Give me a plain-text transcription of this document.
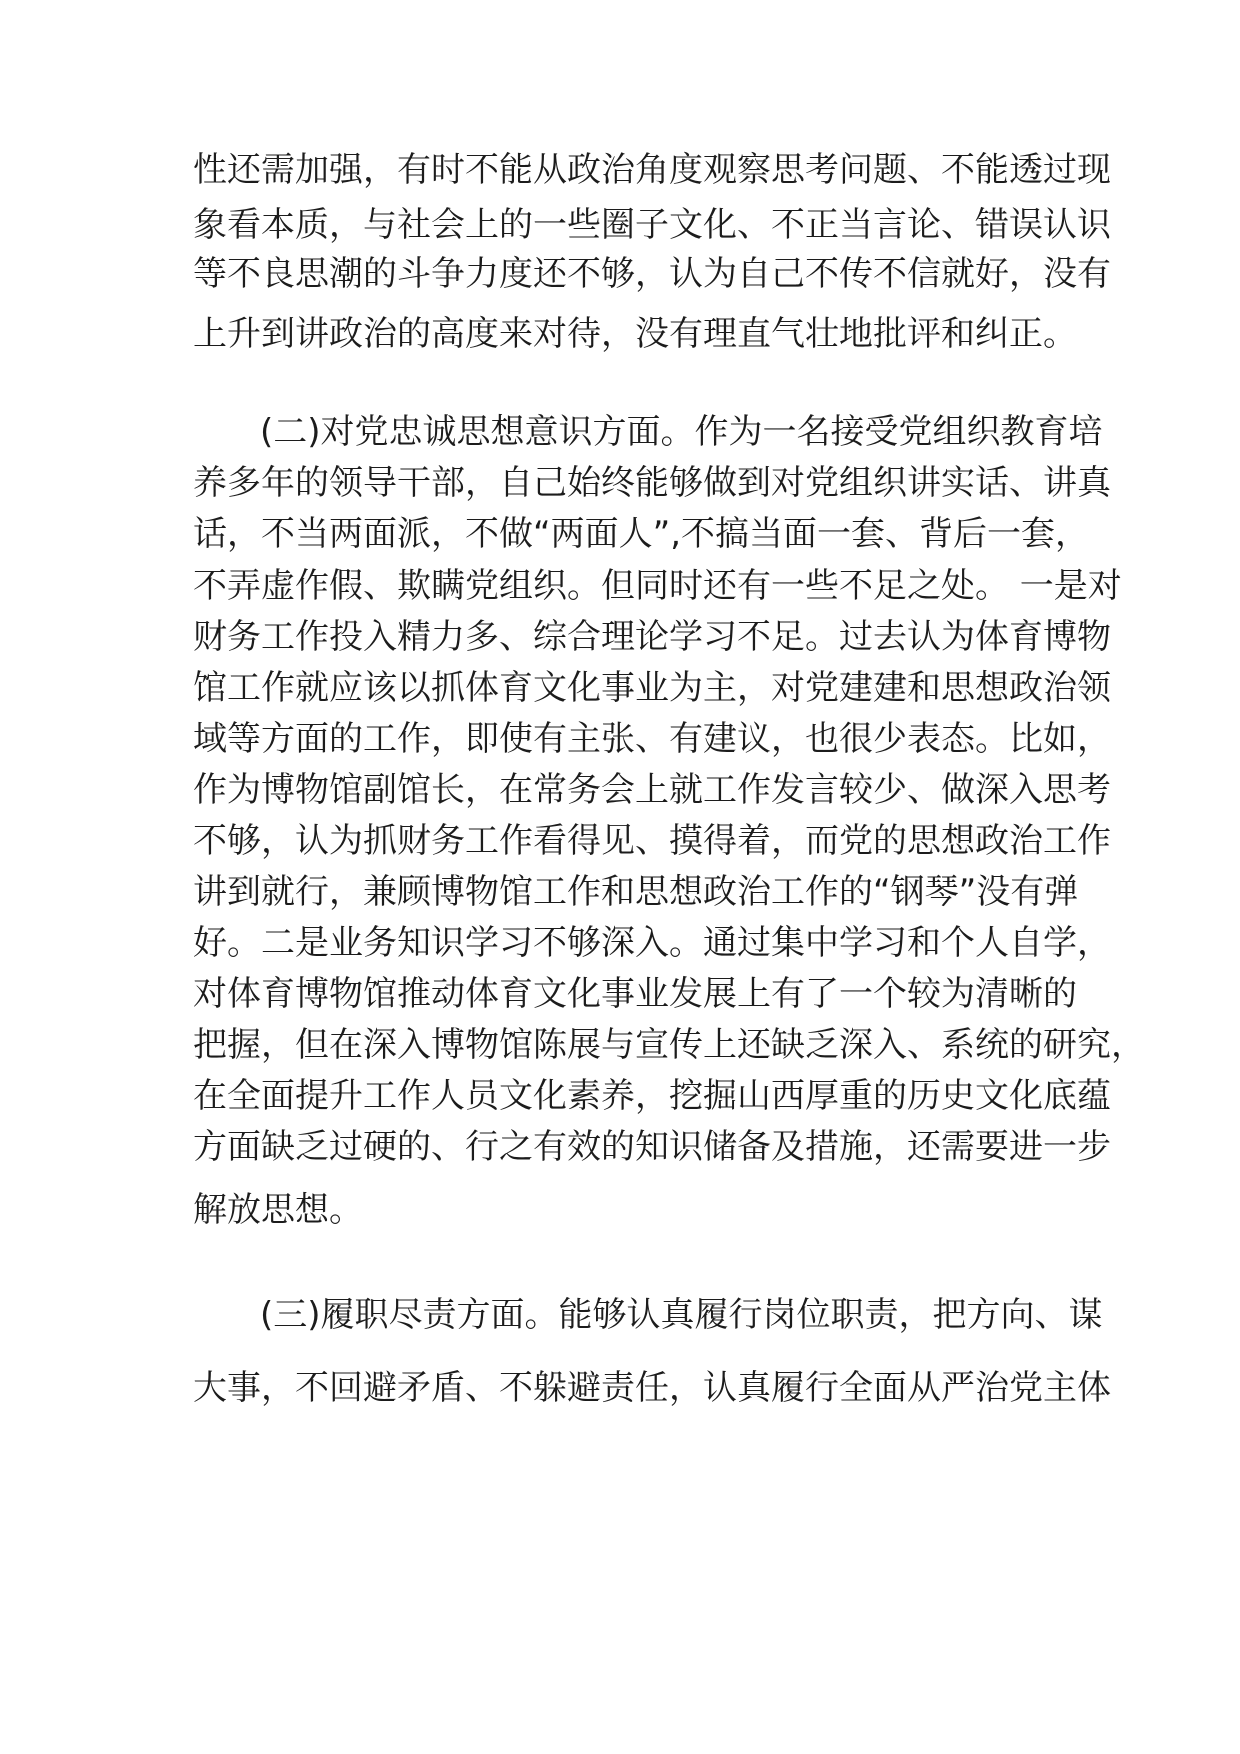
性还需加强，有时不能从政治角度观察思考问题、不能透过现
象看本质，与社会上的一些圈子文化、不正当言论、错误认识
等不良思潮的斗争力度还不够，认为自己不传不信就好，没有
上升到讲政治的高度来对待，没有理直气壮地批评和纠正。
(二)对党忠诚思想意识方面。作为一名接受党组织教育培
养多年的领导干部，自己始终能够做到对党组织讲实话、讲真
话，不当两面派，不做“两面人”,不搞当面一套、背后一套，
不弄虚作假、欺瞒党组织。但同时还有一些不足之处。 一是对
财务工作投入精力多、综合理论学习不足。过去认为体育博物
馆工作就应该以抓体育文化事业为主，对党建建和思想政治领
域等方面的工作，即使有主张、有建议，也很少表态。比如，
作为博物馆副馆长，在常务会上就工作发言较少、做深入思考
不够，认为抓财务工作看得见、摸得着，而党的思想政治工作
讲到就行，兼顾博物馆工作和思想政治工作的“钢琴”没有弹
好。二是业务知识学习不够深入。通过集中学习和个人自学，
对体育博物馆推动体育文化事业发展上有了一个较为清晰的
把握，但在深入博物馆陈展与宣传上还缺乏深入、系统的研究，
在全面提升工作人员文化素养，挖掘山西厚重的历史文化底蕴
方面缺乏过硬的、行之有效的知识储备及措施，还需要进一步
解放思想。
(三)履职尽责方面。能够认真履行岗位职责，把方向、谋
大事，不回避矛盾、不躲避责任，认真履行全面从严治党主体
